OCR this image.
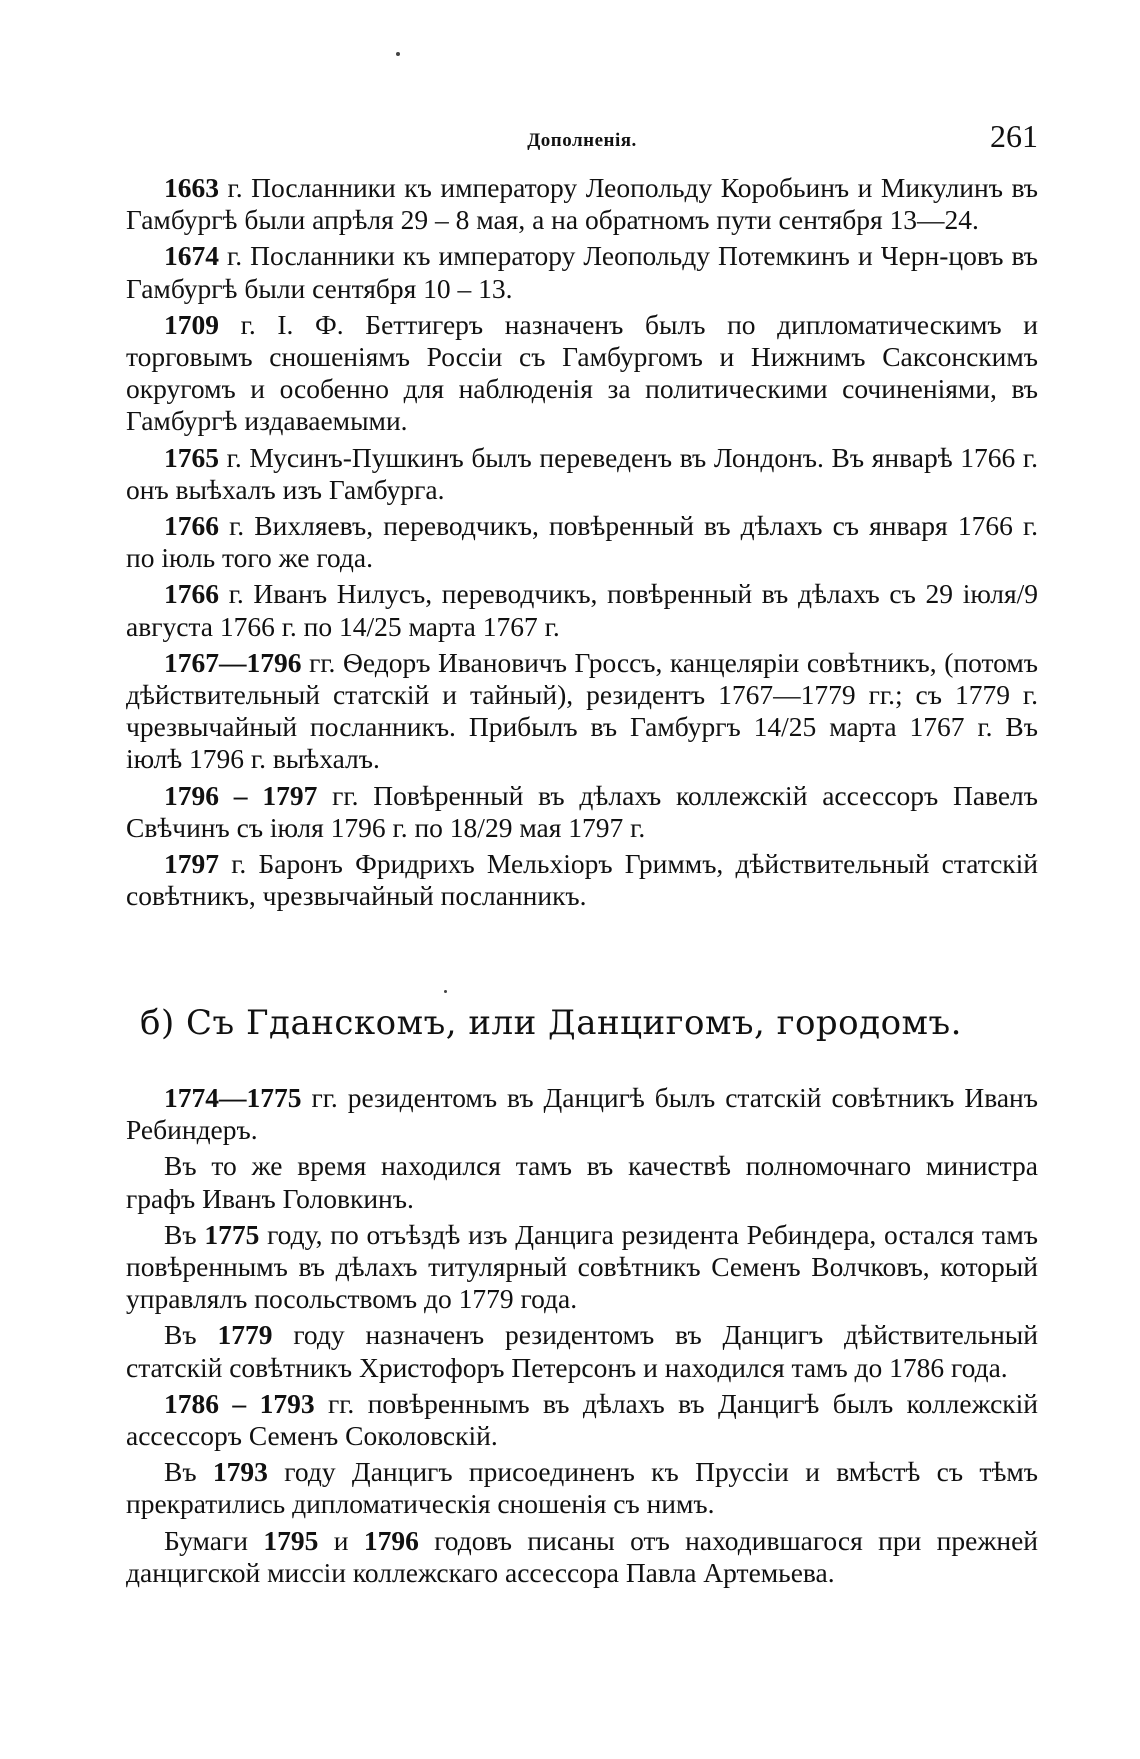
Дополненія.	261

1663 г. Посланники къ императору Леопольду Коробьинъ и Микулинъ въ Гамбургѣ были апрѣля 29 – 8 мая, а на обратномъ пути сентября 13—24.

1674 г. Посланники къ императору Леопольду Потемкинъ и Черн-цовъ въ Гамбургѣ были сентября 10 – 13.

1709 г. І. Ф. Беттигеръ назначенъ былъ по дипломатическимъ и торговымъ сношеніямъ Россіи съ Гамбургомъ и Нижнимъ Саксонскимъ округомъ и особенно для наблюденія за политическими сочиненіями, въ Гамбургѣ издаваемыми.

1765 г. Мусинъ-Пушкинъ былъ переведенъ въ Лондонъ. Въ январѣ 1766 г. онъ выѣхалъ изъ Гамбурга.

1766 г. Вихляевъ, переводчикъ, повѣренный въ дѣлахъ съ января 1766 г. по іюль того же года.

1766 г. Иванъ Нилусъ, переводчикъ, повѣренный въ дѣлахъ съ 29 іюля/9 августа 1766 г. по 14/25 марта 1767 г.

1767—1796 гг. Ѳедоръ Ивановичъ Гроссъ, канцеляріи совѣтникъ, (потомъ дѣйствительный статскій и тайный), резидентъ 1767—1779 гг.; съ 1779 г. чрезвычайный посланникъ. Прибылъ въ Гамбургъ 14/25 марта 1767 г. Въ іюлѣ 1796 г. выѣхалъ.

1796 – 1797 гг. Повѣренный въ дѣлахъ коллежскій ассессоръ Павелъ Свѣчинъ съ іюля 1796 г. по 18/29 мая 1797 г.

1797 г. Баронъ Фридрихъ Мельхіоръ Гриммъ, дѣйствительный статскій совѣтникъ, чрезвычайный посланникъ.

б) Съ Гданскомъ, или Данцигомъ, городомъ.

1774—1775 гг. резидентомъ въ Данцигѣ былъ статскій совѣтникъ Иванъ Ребиндеръ.

Въ то же время находился тамъ въ качествѣ полномочнаго министра графъ Иванъ Головкинъ.

Въ 1775 году, по отъѣздѣ изъ Данцига резидента Ребиндера, остался тамъ повѣреннымъ въ дѣлахъ титулярный совѣтникъ Семенъ Волчковъ, который управлялъ посольствомъ до 1779 года.

Въ 1779 году назначенъ резидентомъ въ Данцигъ дѣйствительный статскій совѣтникъ Христофоръ Петерсонъ и находился тамъ до 1786 года.

1786 – 1793 гг. повѣреннымъ въ дѣлахъ въ Данцигѣ былъ коллежскій ассессоръ Семенъ Соколовскій.

Въ 1793 году Данцигъ присоединенъ къ Пруссіи и вмѣстѣ съ тѣмъ прекратились дипломатическія сношенія съ нимъ.

Бумаги 1795 и 1796 годовъ писаны отъ находившагося при прежней данцигской миссіи коллежскаго ассессора Павла Артемьева.
